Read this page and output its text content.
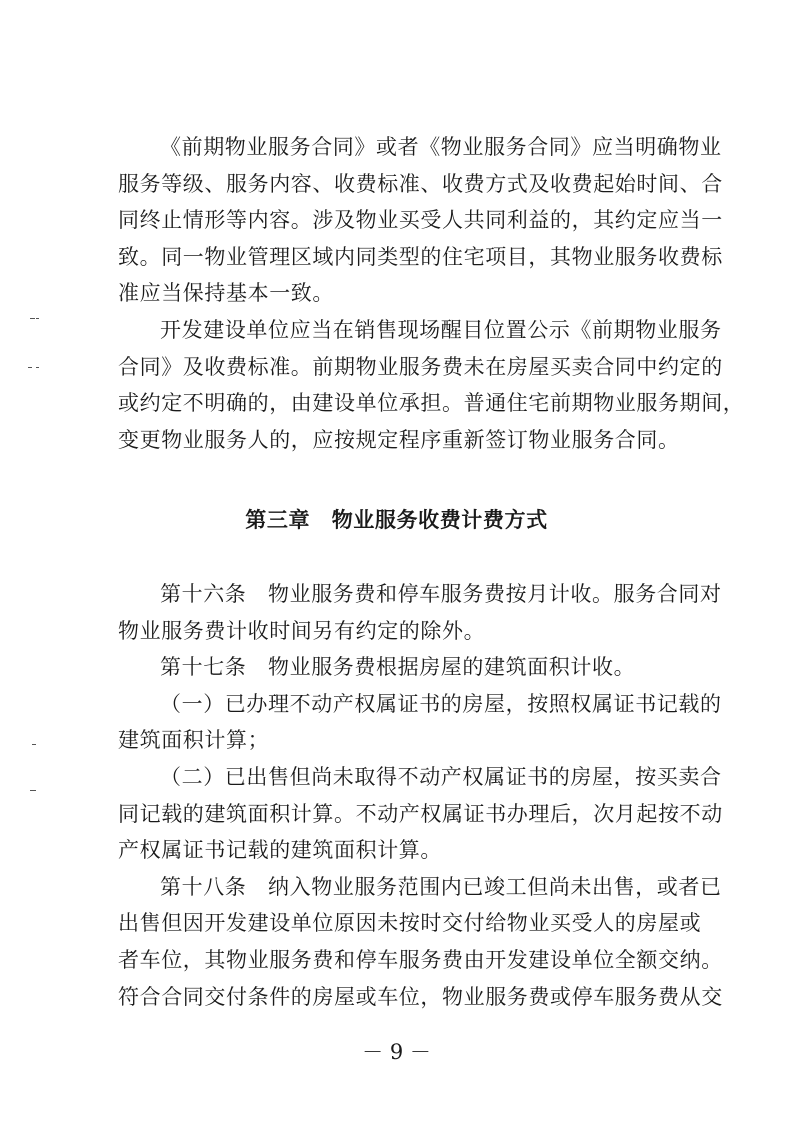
《前期物业服务合同》或者《物业服务合同》应当明确物业
服务等级、服务内容、收费标准、收费方式及收费起始时间、合
同终止情形等内容。涉及物业买受人共同利益的，其约定应当一
致。同一物业管理区域内同类型的住宅项目，其物业服务收费标
准应当保持基本一致。
开发建设单位应当在销售现场醒目位置公示《前期物业服务
合同》及收费标准。前期物业服务费未在房屋买卖合同中约定的
或约定不明确的，由建设单位承担。普通住宅前期物业服务期间，
变更物业服务人的，应按规定程序重新签订物业服务合同。
第三章　物业服务收费计费方式
第十六条　物业服务费和停车服务费按月计收。服务合同对
物业服务费计收时间另有约定的除外。
第十七条　物业服务费根据房屋的建筑面积计收。
（一）已办理不动产权属证书的房屋，按照权属证书记载的
建筑面积计算；
（二）已出售但尚未取得不动产权属证书的房屋，按买卖合
同记载的建筑面积计算。不动产权属证书办理后，次月起按不动
产权属证书记载的建筑面积计算。
第十八条　纳入物业服务范围内已竣工但尚未出售，或者已
出售但因开发建设单位原因未按时交付给物业买受人的房屋或
者车位，其物业服务费和停车服务费由开发建设单位全额交纳。
符合合同交付条件的房屋或车位，物业服务费或停车服务费从交
－ 9 －
